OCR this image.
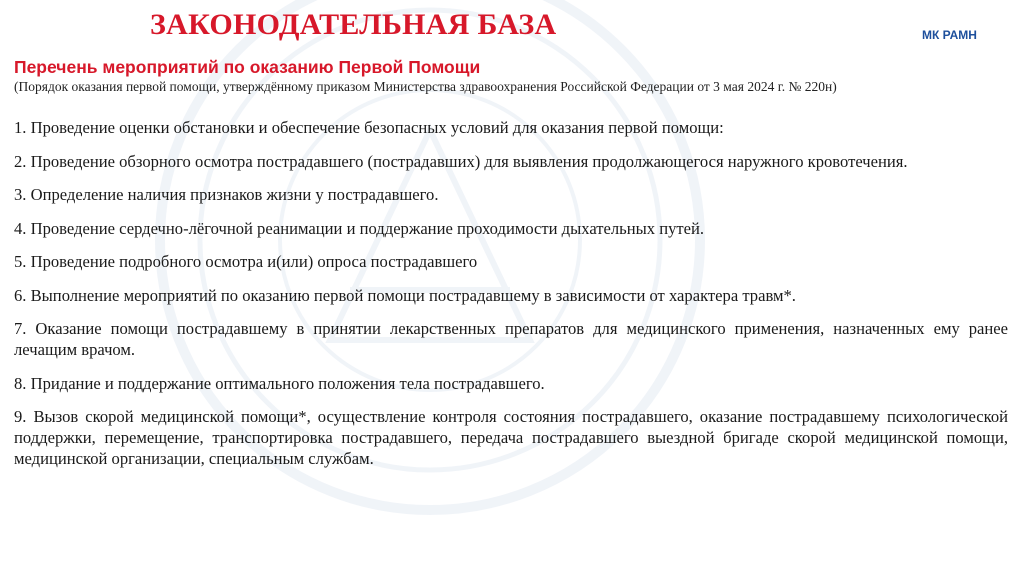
ЗАКОНОДАТЕЛЬНАЯ БАЗА	МК РАМН
Перечень мероприятий по оказанию Первой Помощи
(Порядок оказания первой помощи, утверждённому приказом Министерства здравоохранения Российской Федерации от 3 мая 2024 г. № 220н)
1. Проведение оценки обстановки и обеспечение безопасных условий для оказания первой помощи:
2. Проведение обзорного осмотра пострадавшего (пострадавших) для выявления продолжающегося наружного кровотечения.
3. Определение наличия признаков жизни у пострадавшего.
4. Проведение сердечно-лёгочной реанимации и поддержание проходимости дыхательных путей.
5. Проведение подробного осмотра и(или) опроса пострадавшего
6. Выполнение мероприятий по оказанию первой помощи пострадавшему в зависимости от характера травм*.
7. Оказание помощи пострадавшему в принятии лекарственных препаратов для медицинского применения, назначенных ему ранее лечащим врачом.
8. Придание и поддержание оптимального положения тела пострадавшего.
9. Вызов скорой медицинской помощи*, осуществление контроля состояния пострадавшего, оказание пострадавшему психологической поддержки, перемещение, транспортировка пострадавшего, передача пострадавшего выездной бригаде скорой медицинской помощи, медицинской организации, специальным службам.
